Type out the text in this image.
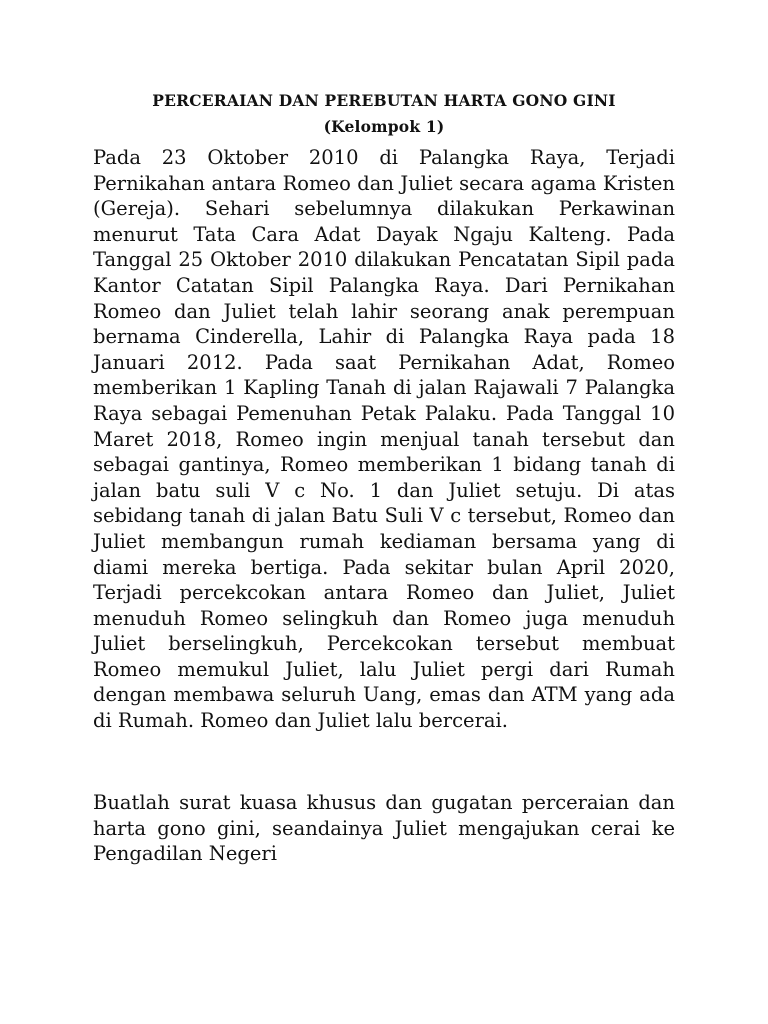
PERCERAIAN DAN PEREBUTAN HARTA GONO GINI
(Kelompok 1)

Pada 23 Oktober 2010 di Palangka Raya, Terjadi Pernikahan antara Romeo dan Juliet secara agama Kristen (Gereja). Sehari sebelumnya dilakukan Perkawinan menurut Tata Cara Adat Dayak Ngaju Kalteng. Pada Tanggal 25 Oktober 2010 dilakukan Pencatatan Sipil pada Kantor Catatan Sipil Palangka Raya. Dari Pernikahan Romeo dan Juliet telah lahir seorang anak perempuan bernama Cinderella, Lahir di Palangka Raya pada 18 Januari 2012. Pada saat Pernikahan Adat, Romeo memberikan 1 Kapling Tanah di jalan Rajawali 7 Palangka Raya sebagai Pemenuhan Petak Palaku. Pada Tanggal 10 Maret 2018, Romeo ingin menjual tanah tersebut dan sebagai gantinya, Romeo memberikan 1 bidang tanah di jalan batu suli V c No. 1 dan Juliet setuju. Di atas sebidang tanah di jalan Batu Suli V c tersebut, Romeo dan Juliet membangun rumah kediaman bersama yang di diami mereka bertiga. Pada sekitar bulan April 2020, Terjadi percekcokan antara Romeo dan Juliet, Juliet menuduh Romeo selingkuh dan Romeo juga menuduh Juliet berselingkuh, Percekcokan tersebut membuat Romeo memukul Juliet, lalu Juliet pergi dari Rumah dengan membawa seluruh Uang, emas dan ATM yang ada di Rumah. Romeo dan Juliet lalu bercerai.

Buatlah surat kuasa khusus dan gugatan perceraian dan harta gono gini, seandainya Juliet mengajukan cerai ke Pengadilan Negeri
